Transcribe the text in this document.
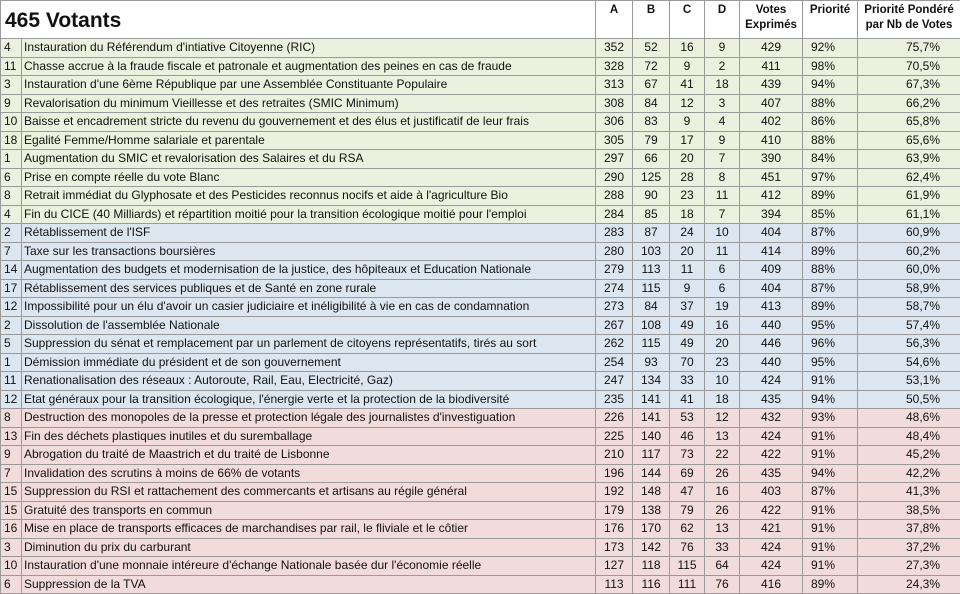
465 Votants		A	B	C	D	Votes
Exprimés	Priorité	Priorité Pondéré
par Nb de Votes
4	Instauration du Référendum d'intiative Citoyenne (RIC)	352	52	16	9	429	92%	75,7%
11	Chasse accrue à la fraude fiscale et patronale et augmentation des peines en cas de fraude	328	72	9	2	411	98%	70,5%
3	Instauration d'une 6ème République par une Assemblée Constituante Populaire	313	67	41	18	439	94%	67,3%
9	Revalorisation du minimum Vieillesse et des retraites (SMIC Minimum)	308	84	12	3	407	88%	66,2%
10	Baisse et encadrement stricte du revenu du gouvernement et des élus et justificatif de leur frais	306	83	9	4	402	86%	65,8%
18	Egalité Femme/Homme salariale et parentale	305	79	17	9	410	88%	65,6%
1	Augmentation du SMIC et revalorisation des Salaires et du RSA	297	66	20	7	390	84%	63,9%
6	Prise en compte réelle du vote Blanc	290	125	28	8	451	97%	62,4%
8	Retrait immédiat du Glyphosate et des Pesticides reconnus nocifs et aide à l'agriculture Bio	288	90	23	11	412	89%	61,9%
4	Fin du CICE (40 Milliards) et répartition moitié pour la transition écologique moitié pour l'emploi	284	85	18	7	394	85%	61,1%
2	Rétablissement de l'ISF	283	87	24	10	404	87%	60,9%
7	Taxe sur les transactions boursières	280	103	20	11	414	89%	60,2%
14	Augmentation des budgets et modernisation de la justice, des hôpiteaux et Education Nationale	279	113	11	6	409	88%	60,0%
17	Rétablissement des services publiques et de Santé en zone rurale	274	115	9	6	404	87%	58,9%
12	Impossibilité pour un élu d'avoir un casier judiciaire et inéligibilité à vie en cas de condamnation	273	84	37	19	413	89%	58,7%
2	Dissolution de l'assemblée Nationale	267	108	49	16	440	95%	57,4%
5	Suppression du sénat et remplacement par un parlement de citoyens représentatifs, tirés au sort	262	115	49	20	446	96%	56,3%
1	Démission immédiate du président et de son gouvernement	254	93	70	23	440	95%	54,6%
11	Renationalisation des réseaux : Autoroute, Rail, Eau, Electricité, Gaz)	247	134	33	10	424	91%	53,1%
12	Etat généraux pour la transition écologique, l'énergie verte et la protection de la biodiversité	235	141	41	18	435	94%	50,5%
8	Destruction des monopoles de la presse et protection légale des journalistes d'investiguation	226	141	53	12	432	93%	48,6%
13	Fin des déchets plastiques inutiles et du suremballage	225	140	46	13	424	91%	48,4%
9	Abrogation du traité de Maastrich et du traité de Lisbonne	210	117	73	22	422	91%	45,2%
7	Invalidation des scrutins à moins de 66% de votants	196	144	69	26	435	94%	42,2%
15	Suppression du RSI et rattachement des commercants et artisans au régile général	192	148	47	16	403	87%	41,3%
15	Gratuité des transports en commun	179	138	79	26	422	91%	38,5%
16	Mise en place de transports efficaces de marchandises par rail, le fliviale et le côtier	176	170	62	13	421	91%	37,8%
3	Diminution du prix du carburant	173	142	76	33	424	91%	37,2%
10	Instauration d'une monnaie intéreure d'échange Nationale basée dur l'économie réelle	127	118	115	64	424	91%	27,3%
6	Suppression de la TVA	113	116	111	76	416	89%	24,3%
